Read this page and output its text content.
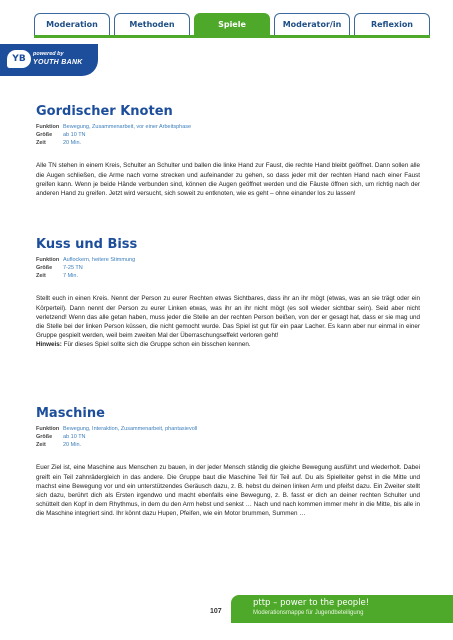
Moderation	Methoden	Spiele	Moderator/in	Reflexion
YB	powered by
YOUTH BANK
Gordischer Knoten
Funktion Bewegung, Zusammenarbeit, vor einer Arbeitsphase
Größe	ab 10 TN
Zeit	20 Min.

Alle TN stehen in einem Kreis, Schulter an Schulter und ballen die linke Hand zur Faust, die rechte Hand bleibt geöffnet. Dann sollen alle die Augen schließen, die Arme nach vorne strecken und aufeinander zu gehen, so dass jeder mit der rechten Hand nach einer Faust greifen kann. Wenn je beide Hände verbunden sind, können die Augen geöffnet werden und die Fäuste öffnen sich, um richtig nach der anderen Hand zu greifen. Jetzt wird versucht, sich soweit zu entknoten, wie es geht – ohne einander los zu lassen!

Kuss und Biss
Funktion Auflockern, heitere Stimmung
Größe	7-25 TN
Zeit	7 Min.

Stellt euch in einen Kreis. Nennt der Person zu eurer Rechten etwas Sichtbares, dass ihr an ihr mögt (etwas, was an sie trägt oder ein Körperteil). Dann nennt der Person zu eurer Linken etwas, was ihr an ihr nicht mögt (es soll wieder sichtbar sein). Seid aber nicht verletzend! Wenn das alle getan haben, muss jeder die Stelle an der rechten Person beißen, von der er gesagt hat, dass er sie mag und die Stelle bei der linken Person küssen, die nicht gemocht wurde. Das Spiel ist gut für ein paar Lacher. Es kann aber nur einmal in einer Gruppe gespielt werden, weil beim zweiten Mal der Überraschungseffekt verloren geht!

Hinweis: Für dieses Spiel sollte sich die Gruppe schon ein bisschen kennen.

Maschine
Funktion Bewegung, Interaktion, Zusammenarbeit, phantasievoll
Größe	ab 10 TN
Zeit	20 Min.

Euer Ziel ist, eine Maschine aus Menschen zu bauen, in der jeder Mensch ständig die gleiche Bewegung ausführt und wiederholt. Dabei greift ein Teil zahnrädergleich in das andere. Die Gruppe baut die Maschine Teil für Teil auf. Du als Spielleiter gehst in die Mitte und machst eine Bewegung vor und ein unterstützendes Geräusch dazu, z. B. hebst du deinen linken Arm und pfeifst dazu. Ein Zweiter stellt sich dazu, berührt dich als Ersten irgendwo und macht ebenfalls eine Bewegung, z. B. fasst er dich an deiner rechten Schulter und schüttelt den Kopf in dem Rhythmus, in dem du den Arm hebst und senkst … Nach und nach kommen immer mehr in die Mitte, bis alle in die Maschine integriert sind. Ihr könnt dazu Hupen, Pfeifen, wie ein Motor brummen, Summen …

107
pttp – power to the people!
Moderationsmappe für Jugendbeteiligung
